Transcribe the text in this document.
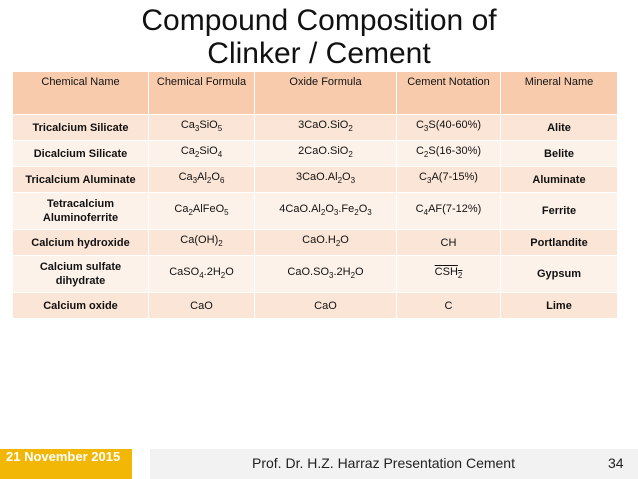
Compound Composition of
Clinker / Cement
Chemical Name	Chemical Formula	Oxide Formula	Cement Notation	Mineral Name
Tricalcium Silicate	$Ca_3SiO_5$	3CaO.SiO$_2$	$C_3S(40-60\%)$	Alite
Dicalcium Silicate	$Ca_2SiO_4$	2CaO.SiO$_2$	$C_2S(16-30\%)$	Belite
Tricalcium Aluminate	$Ca_3Al_2O_6$	$3CaO.Al_2O_3$	$C_3A(7-15\%)$	Aluminate
Tetracalcium Aluminoferrite	$Ca_2AlFeO_5$	$4CaO.Al_2O_3.Fe_2O_3$	$C_4AF(7-12\%)$	Ferrite
Calcium hydroxide	$Ca(OH)_2$	$CaO.H_2O$	CH	Portlandite
Calcium sulfate dihydrate	$CaSO_4.2H_2O$	$CaO.SO_3.2H_2O$	$CSH_2$	Gypsum
Calcium oxide	CaO	CaO	C	Lime
21 November 2015	Prof. Dr. H.Z. Harraz Presentation Cement	34
